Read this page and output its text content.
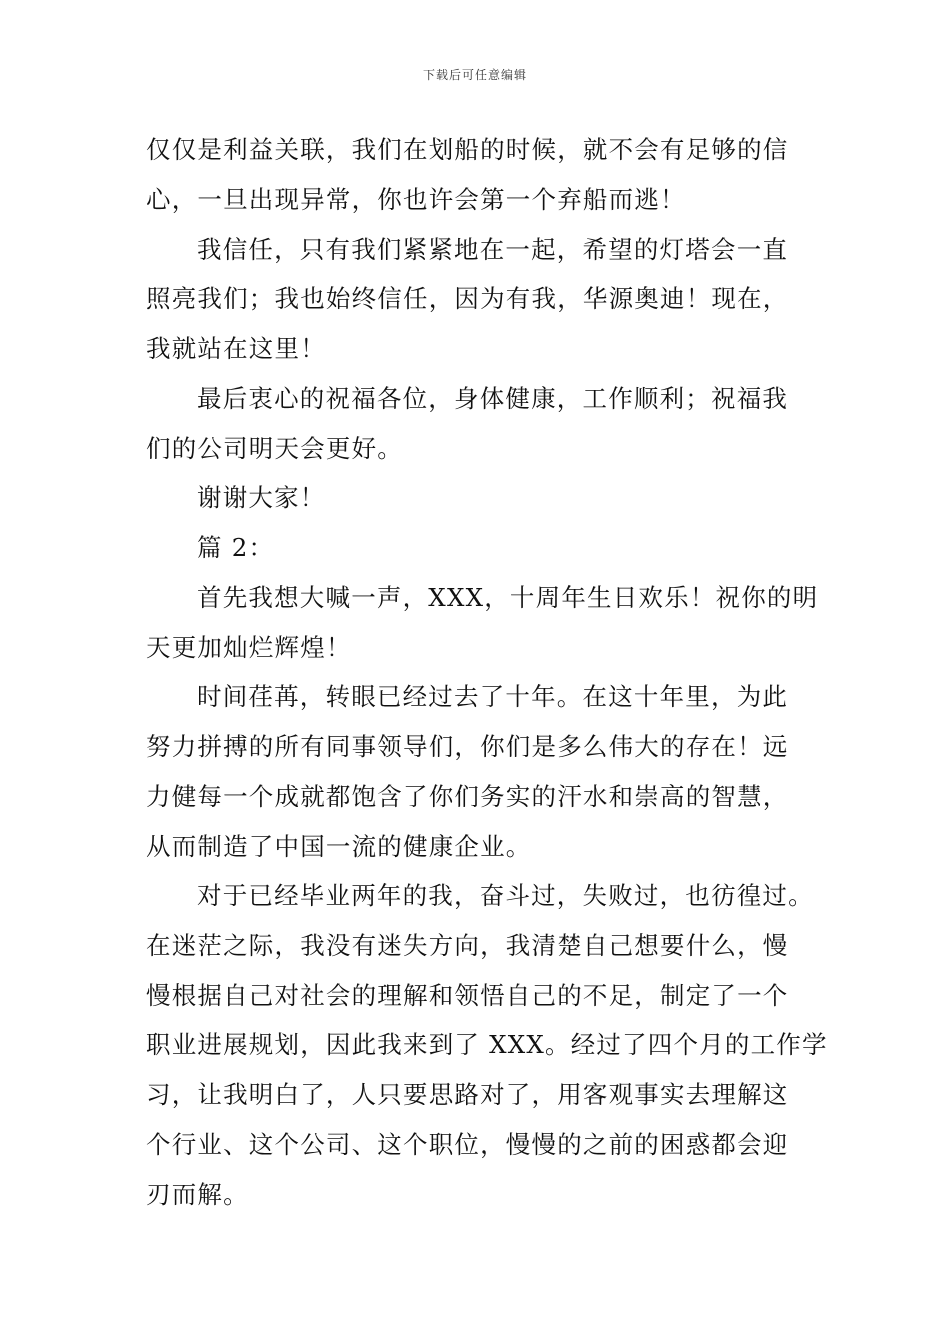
下载后可任意编辑
仅仅是利益关联，我们在划船的时候，就不会有足够的信
心，一旦出现异常，你也许会第一个弃船而逃！
我信任，只有我们紧紧地在一起，希望的灯塔会一直
照亮我们；我也始终信任，因为有我，华源奥迪！现在，
我就站在这里！
最后衷心的祝福各位，身体健康，工作顺利；祝福我
们的公司明天会更好。
谢谢大家！
篇 2：
首先我想大喊一声，XXX，十周年生日欢乐！祝你的明
天更加灿烂辉煌！
时间荏苒，转眼已经过去了十年。在这十年里，为此
努力拼搏的所有同事领导们，你们是多么伟大的存在！远
力健每一个成就都饱含了你们务实的汗水和崇高的智慧，
从而制造了中国一流的健康企业。
对于已经毕业两年的我，奋斗过，失败过，也彷徨过。
在迷茫之际，我没有迷失方向，我清楚自己想要什么，慢
慢根据自己对社会的理解和领悟自己的不足，制定了一个
职业进展规划，因此我来到了 XXX。经过了四个月的工作学
习，让我明白了，人只要思路对了，用客观事实去理解这
个行业、这个公司、这个职位，慢慢的之前的困惑都会迎
刃而解。
